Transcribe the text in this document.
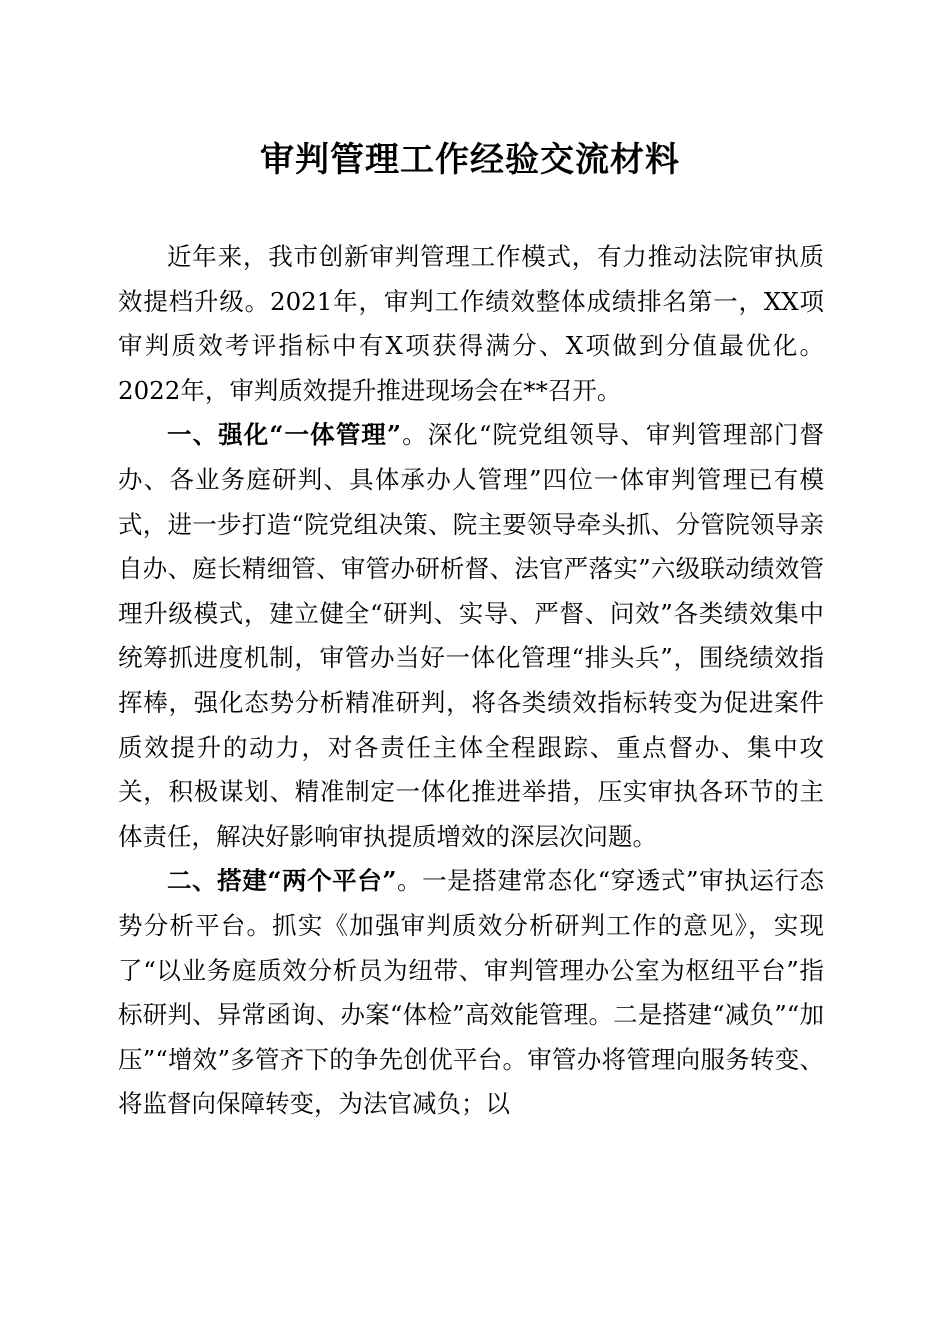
审判管理工作经验交流材料

近年来，我市创新审判管理工作模式，有力推动法院审执质效提档升级。2021年，审判工作绩效整体成绩排名第一，XX项审判质效考评指标中有X项获得满分、X项做到分值最优化。2022年，审判质效提升推进现场会在**召开。

一、强化“一体管理”。深化“院党组领导、审判管理部门督办、各业务庭研判、具体承办人管理”四位一体审判管理已有模式，进一步打造“院党组决策、院主要领导牵头抓、分管院领导亲自办、庭长精细管、审管办研析督、法官严落实”六级联动绩效管理升级模式，建立健全“研判、实导、严督、问效”各类绩效集中统筹抓进度机制，审管办当好一体化管理“排头兵”，围绕绩效指挥棒，强化态势分析精准研判，将各类绩效指标转变为促进案件质效提升的动力，对各责任主体全程跟踪、重点督办、集中攻关，积极谋划、精准制定一体化推进举措，压实审执各环节的主体责任，解决好影响审执提质增效的深层次问题。

二、搭建“两个平台”。一是搭建常态化“穿透式”审执运行态势分析平台。抓实《加强审判质效分析研判工作的意见》，实现了“以业务庭质效分析员为纽带、审判管理办公室为枢纽平台”指标研判、异常函询、办案“体检”高效能管理。二是搭建“减负”“加压”“增效”多管齐下的争先创优平台。审管办将管理向服务转变、将监督向保障转变，为法官减负；以
